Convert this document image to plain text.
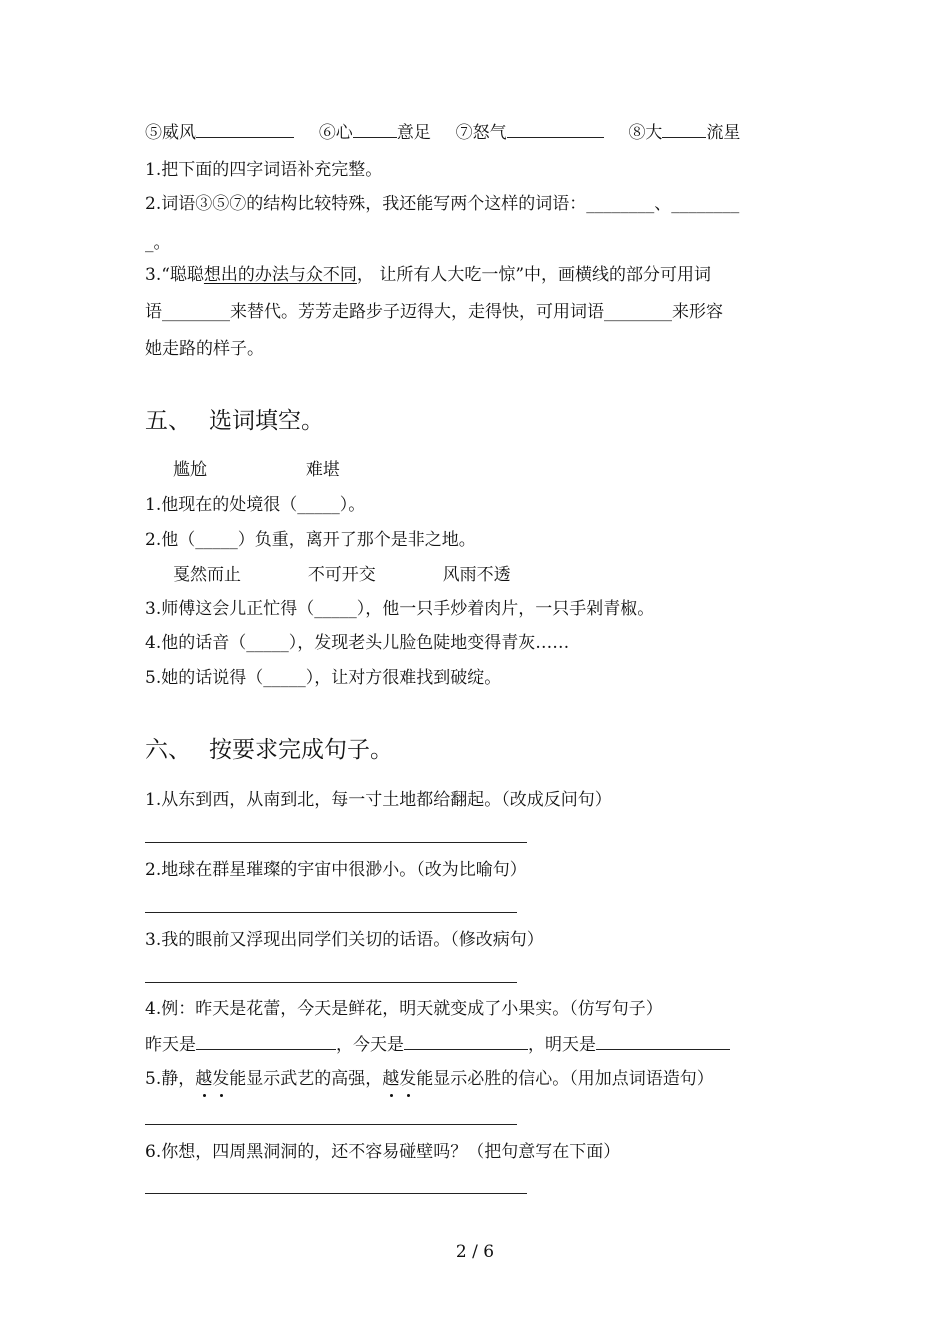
⑤威风	⑥心	意足 ⑦怒气	⑧大	流星
1.把下面的四字词语补充完整。
2.词语③⑤⑦的结构比较特殊，我还能写两个这样的词语：________、________
_。
3.“聪聪想出的办法与众不同， 让所有人大吃一惊”中，画横线的部分可用词
语________来替代。芳芳走路步子迈得大，走得快，可用词语________来形容
她走路的样子。
五、 选词填空。
尴尬	难堪
1.他现在的处境很（_____）。
2.他（_____）负重，离开了那个是非之地。
戛然而止	不可开交	风雨不透
3.师傅这会儿正忙得（_____），他一只手炒着肉片，一只手剁青椒。
4.他的话音（_____），发现老头儿脸色陡地变得青灰……
5.她的话说得（_____），让对方很难找到破绽。
六、 按要求完成句子。
1.从东到西，从南到北，每一寸土地都给翻起。（改成反问句）
2.地球在群星璀璨的宇宙中很渺小。（改为比喻句）
3.我的眼前又浮现出同学们关切的话语。（修改病句）
4.例：昨天是花蕾，今天是鲜花，明天就变成了小果实。（仿写句子）
昨天是	，今天是	，明天是
5.静，越发能显示武艺的高强，越发能显示必胜的信心。（用加点词语造句）
6.你想，四周黑洞洞的，还不容易碰壁吗？（把句意写在下面）
2 / 6
